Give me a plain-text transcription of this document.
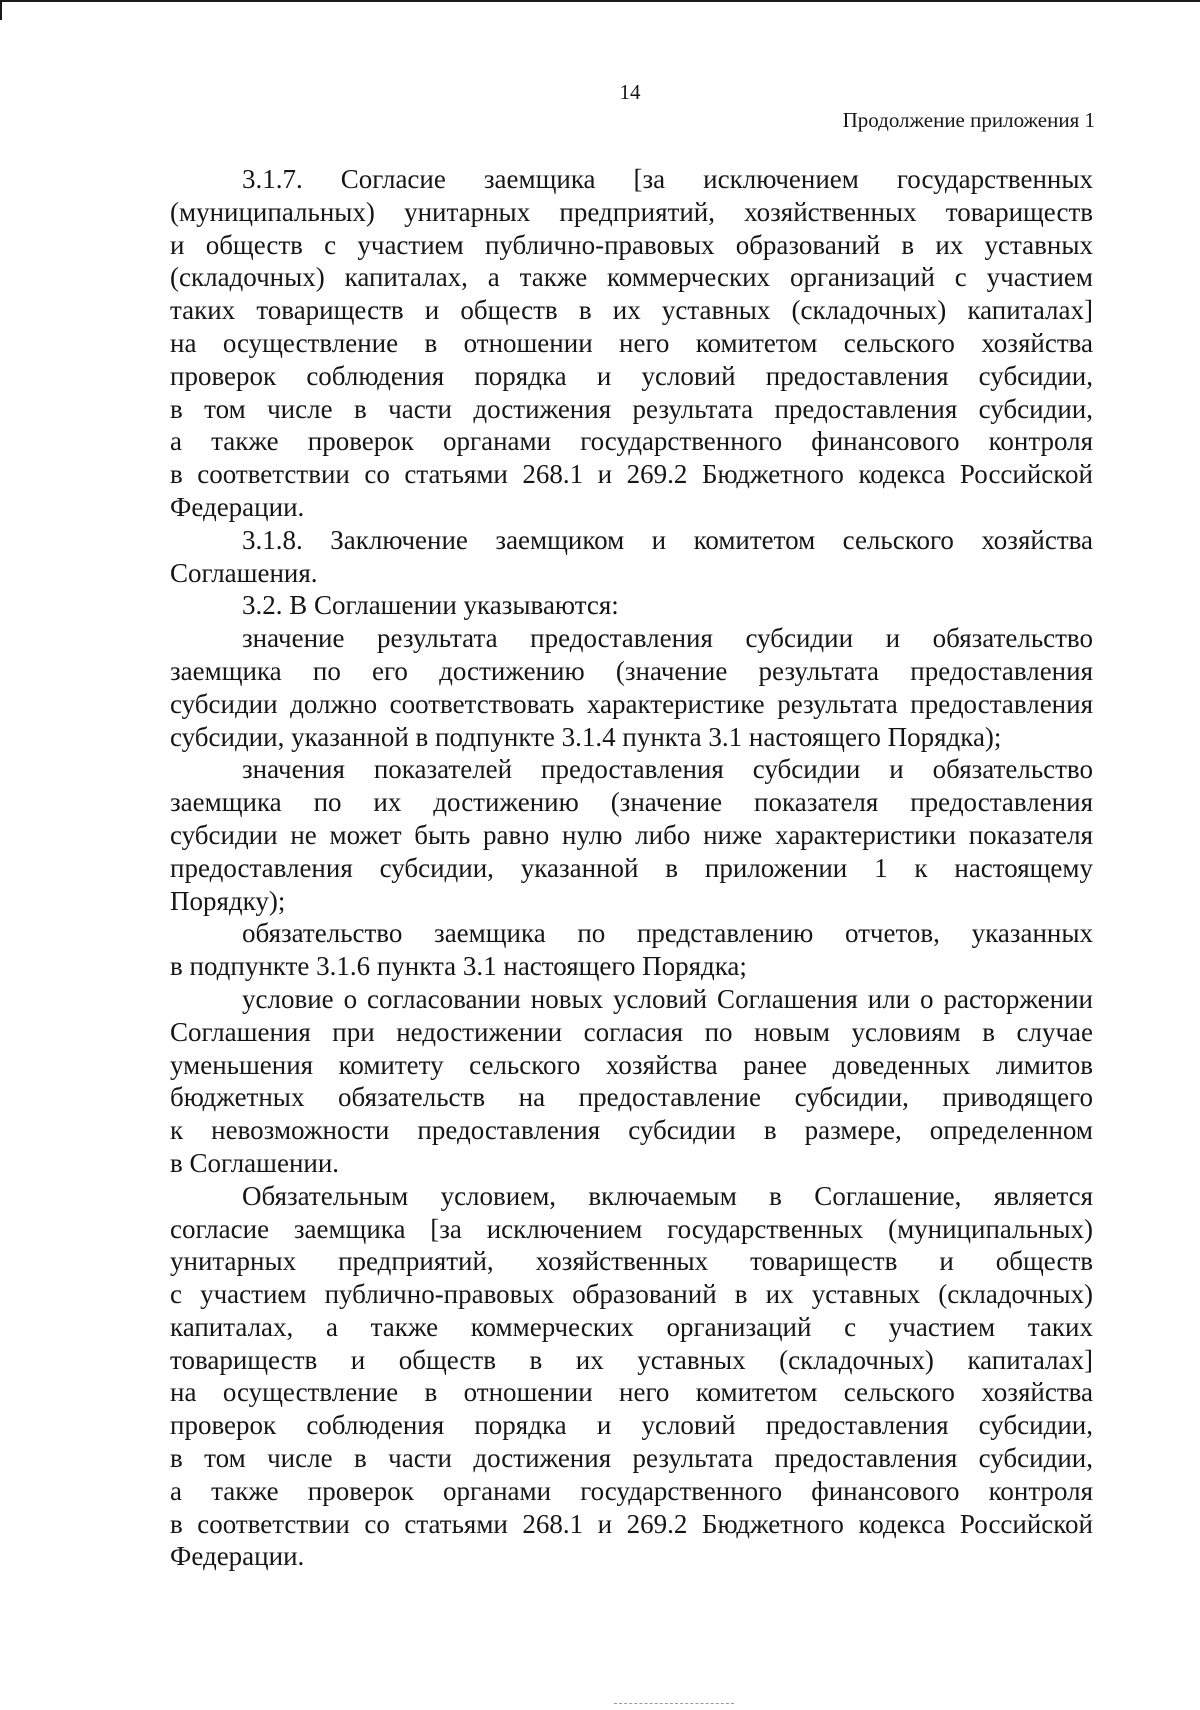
14
Продолжение приложения 1
3.1.7. Согласие заемщика [за исключением государственных
(муниципальных) унитарных предприятий, хозяйственных товариществ
и обществ с участием публично-правовых образований в их уставных
(складочных) капиталах, а также коммерческих организаций с участием
таких товариществ и обществ в их уставных (складочных) капиталах]
на осуществление в отношении него комитетом сельского хозяйства
проверок соблюдения порядка и условий предоставления субсидии,
в том числе в части достижения результата предоставления субсидии,
а также проверок органами государственного финансового контроля
в соответствии со статьями 268.1 и 269.2 Бюджетного кодекса Российской
Федерации.
3.1.8. Заключение заемщиком и комитетом сельского хозяйства
Соглашения.
3.2. В Соглашении указываются:
значение результата предоставления субсидии и обязательство
заемщика по его достижению (значение результата предоставления
субсидии должно соответствовать характеристике результата предоставления
субсидии, указанной в подпункте 3.1.4 пункта 3.1 настоящего Порядка);
значения показателей предоставления субсидии и обязательство
заемщика по их достижению (значение показателя предоставления
субсидии не может быть равно нулю либо ниже характеристики показателя
предоставления субсидии, указанной в приложении 1 к настоящему
Порядку);
обязательство заемщика по представлению отчетов, указанных
в подпункте 3.1.6 пункта 3.1 настоящего Порядка;
условие о согласовании новых условий Соглашения или о расторжении
Соглашения при недостижении согласия по новым условиям в случае
уменьшения комитету сельского хозяйства ранее доведенных лимитов
бюджетных обязательств на предоставление субсидии, приводящего
к невозможности предоставления субсидии в размере, определенном
в Соглашении.
Обязательным условием, включаемым в Соглашение, является
согласие заемщика [за исключением государственных (муниципальных)
унитарных предприятий, хозяйственных товариществ и обществ
с участием публично-правовых образований в их уставных (складочных)
капиталах, а также коммерческих организаций с участием таких
товариществ и обществ в их уставных (складочных) капиталах]
на осуществление в отношении него комитетом сельского хозяйства
проверок соблюдения порядка и условий предоставления субсидии,
в том числе в части достижения результата предоставления субсидии,
а также проверок органами государственного финансового контроля
в соответствии со статьями 268.1 и 269.2 Бюджетного кодекса Российской
Федерации.
